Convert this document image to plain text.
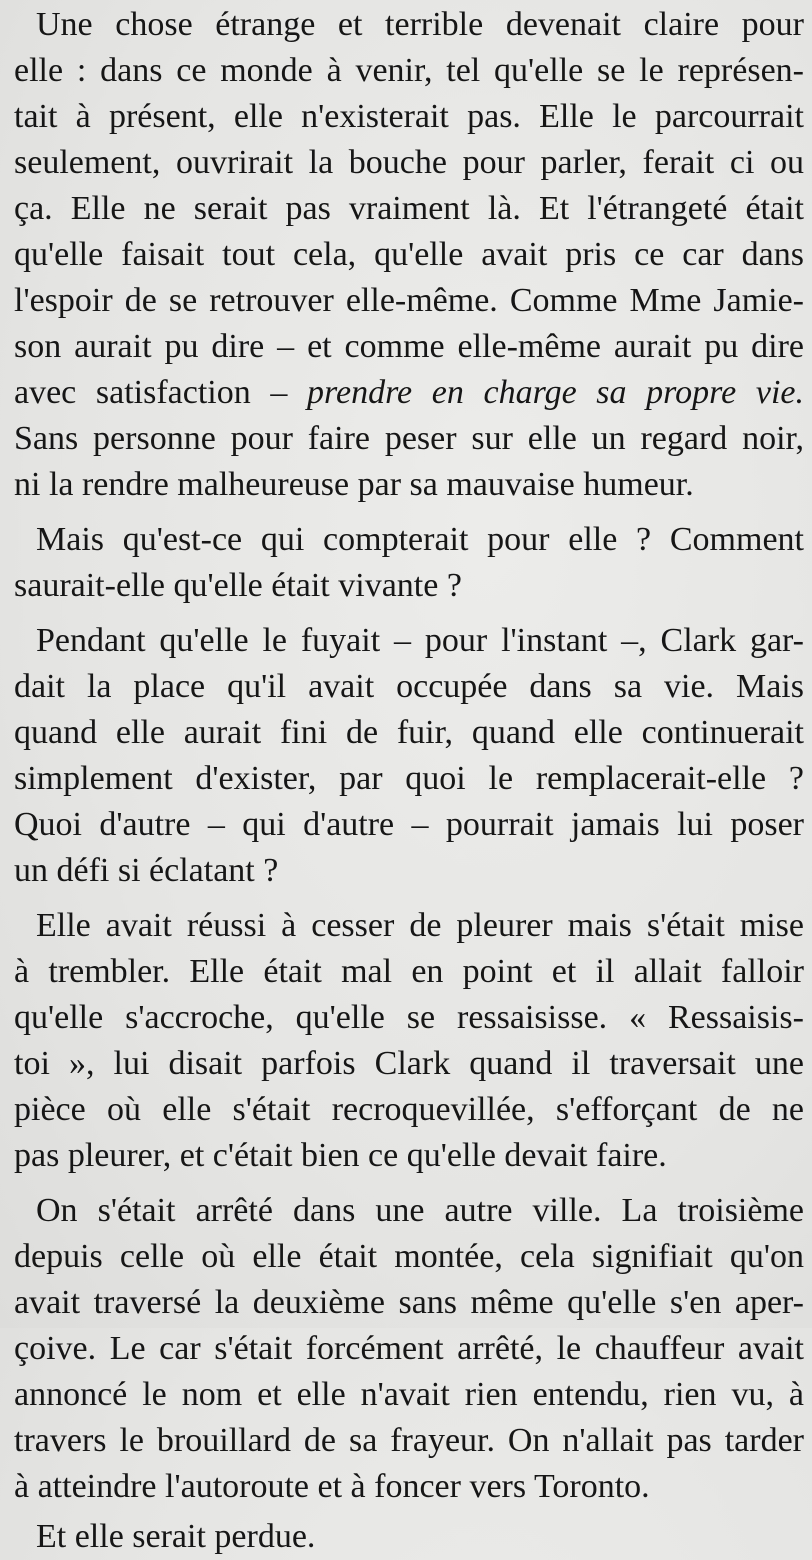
Une chose étrange et terrible devenait claire pour
elle : dans ce monde à venir, tel qu'elle se le représen-
tait à présent, elle n'existerait pas. Elle le parcourrait
seulement, ouvrirait la bouche pour parler, ferait ci ou
ça. Elle ne serait pas vraiment là. Et l'étrangeté était
qu'elle faisait tout cela, qu'elle avait pris ce car dans
l'espoir de se retrouver elle-même. Comme Mme Jamie-
son aurait pu dire – et comme elle-même aurait pu dire
avec satisfaction – prendre en charge sa propre vie.
Sans personne pour faire peser sur elle un regard noir,
ni la rendre malheureuse par sa mauvaise humeur.

Mais qu'est-ce qui compterait pour elle ? Comment
saurait-elle qu'elle était vivante ?

Pendant qu'elle le fuyait – pour l'instant –, Clark gar-
dait la place qu'il avait occupée dans sa vie. Mais
quand elle aurait fini de fuir, quand elle continuerait
simplement d'exister, par quoi le remplacerait-elle ?
Quoi d'autre – qui d'autre – pourrait jamais lui poser
un défi si éclatant ?

Elle avait réussi à cesser de pleurer mais s'était mise
à trembler. Elle était mal en point et il allait falloir
qu'elle s'accroche, qu'elle se ressaisisse. « Ressaisis-
toi », lui disait parfois Clark quand il traversait une
pièce où elle s'était recroquevillée, s'efforçant de ne
pas pleurer, et c'était bien ce qu'elle devait faire.

On s'était arrêté dans une autre ville. La troisième
depuis celle où elle était montée, cela signifiait qu'on
avait traversé la deuxième sans même qu'elle s'en aper-
çoive. Le car s'était forcément arrêté, le chauffeur avait
annoncé le nom et elle n'avait rien entendu, rien vu, à
travers le brouillard de sa frayeur. On n'allait pas tarder
à atteindre l'autoroute et à foncer vers Toronto.

Et elle serait perdue.
